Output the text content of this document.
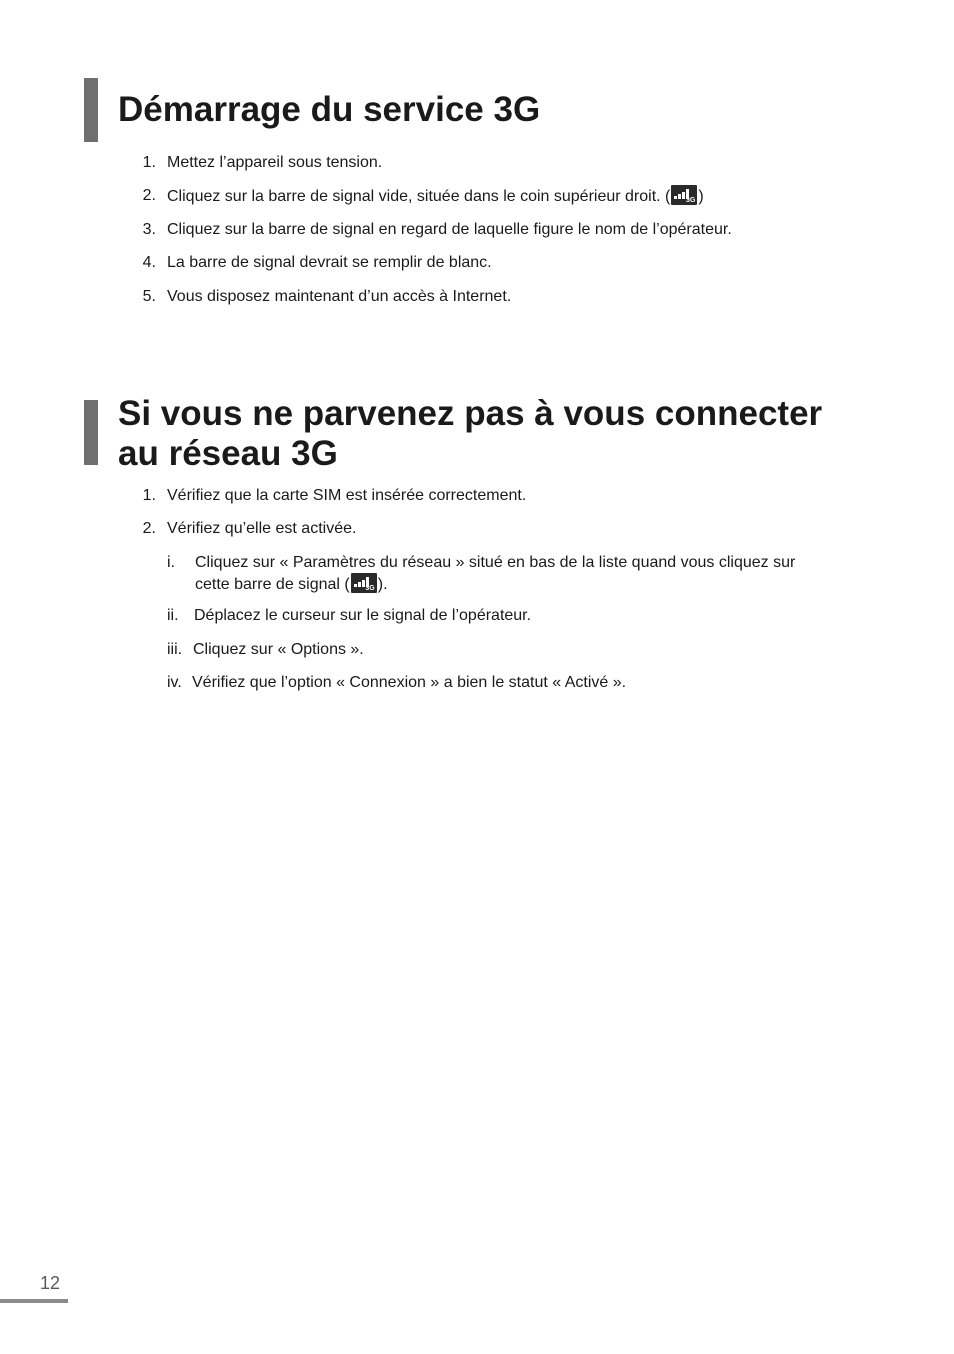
Démarrage du service 3G
1. Mettez l’appareil sous tension.
2. Cliquez sur la barre de signal vide, située dans le coin supérieur droit. ( 3G )
3. Cliquez sur la barre de signal en regard de laquelle figure le nom de l’opérateur.
4. La barre de signal devrait se remplir de blanc.
5. Vous disposez maintenant d’un accès à Internet.
Si vous ne parvenez pas à vous connecter
au réseau 3G
1. Vérifiez que la carte SIM est insérée correctement.
2. Vérifiez qu’elle est activée.
i. Cliquez sur « Paramètres du réseau » situé en bas de la liste quand vous cliquez sur
cette barre de signal ( 3G ).
ii. Déplacez le curseur sur le signal de l’opérateur.
iii. Cliquez sur « Options ».
iv. Vérifiez que l’option « Connexion » a bien le statut « Activé ».
12
